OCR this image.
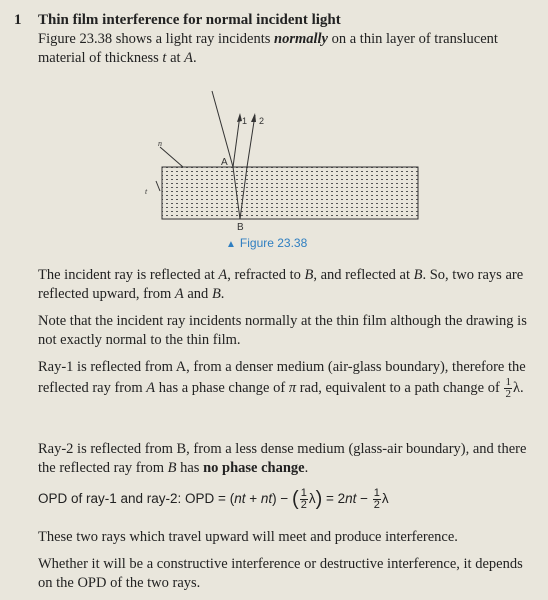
1 Thin film interference for normal incident light
Figure 23.38 shows a light ray incidents normally on a thin layer of translucent material of thickness t at A.
n
t
A
B
1 2
▲ Figure 23.38

The incident ray is reflected at A, refracted to B, and reflected at B. So, two rays are reflected upward, from A and B.

Note that the incident ray incidents normally at the thin film although the drawing is not exactly normal to the thin film.

Ray-1 is reflected from A, from a denser medium (air-glass boundary), therefore the reflected ray from A has a phase change of π rad, equivalent to a path change of $\frac{1}{2} \lambda$.

Ray-2 is reflected from B, from a less dense medium (glass-air boundary), and there the reflected ray from B has no phase change.

OPD of ray-1 and ray-2: OPD = (nt + nt) − ( $\frac{1}{2} \lambda) = 2nt - \frac{1}{2}$ λ

These two rays which travel upward will meet and produce interference.

Whether it will be a constructive interference or destructive interference, it depends on the OPD of the two rays.
